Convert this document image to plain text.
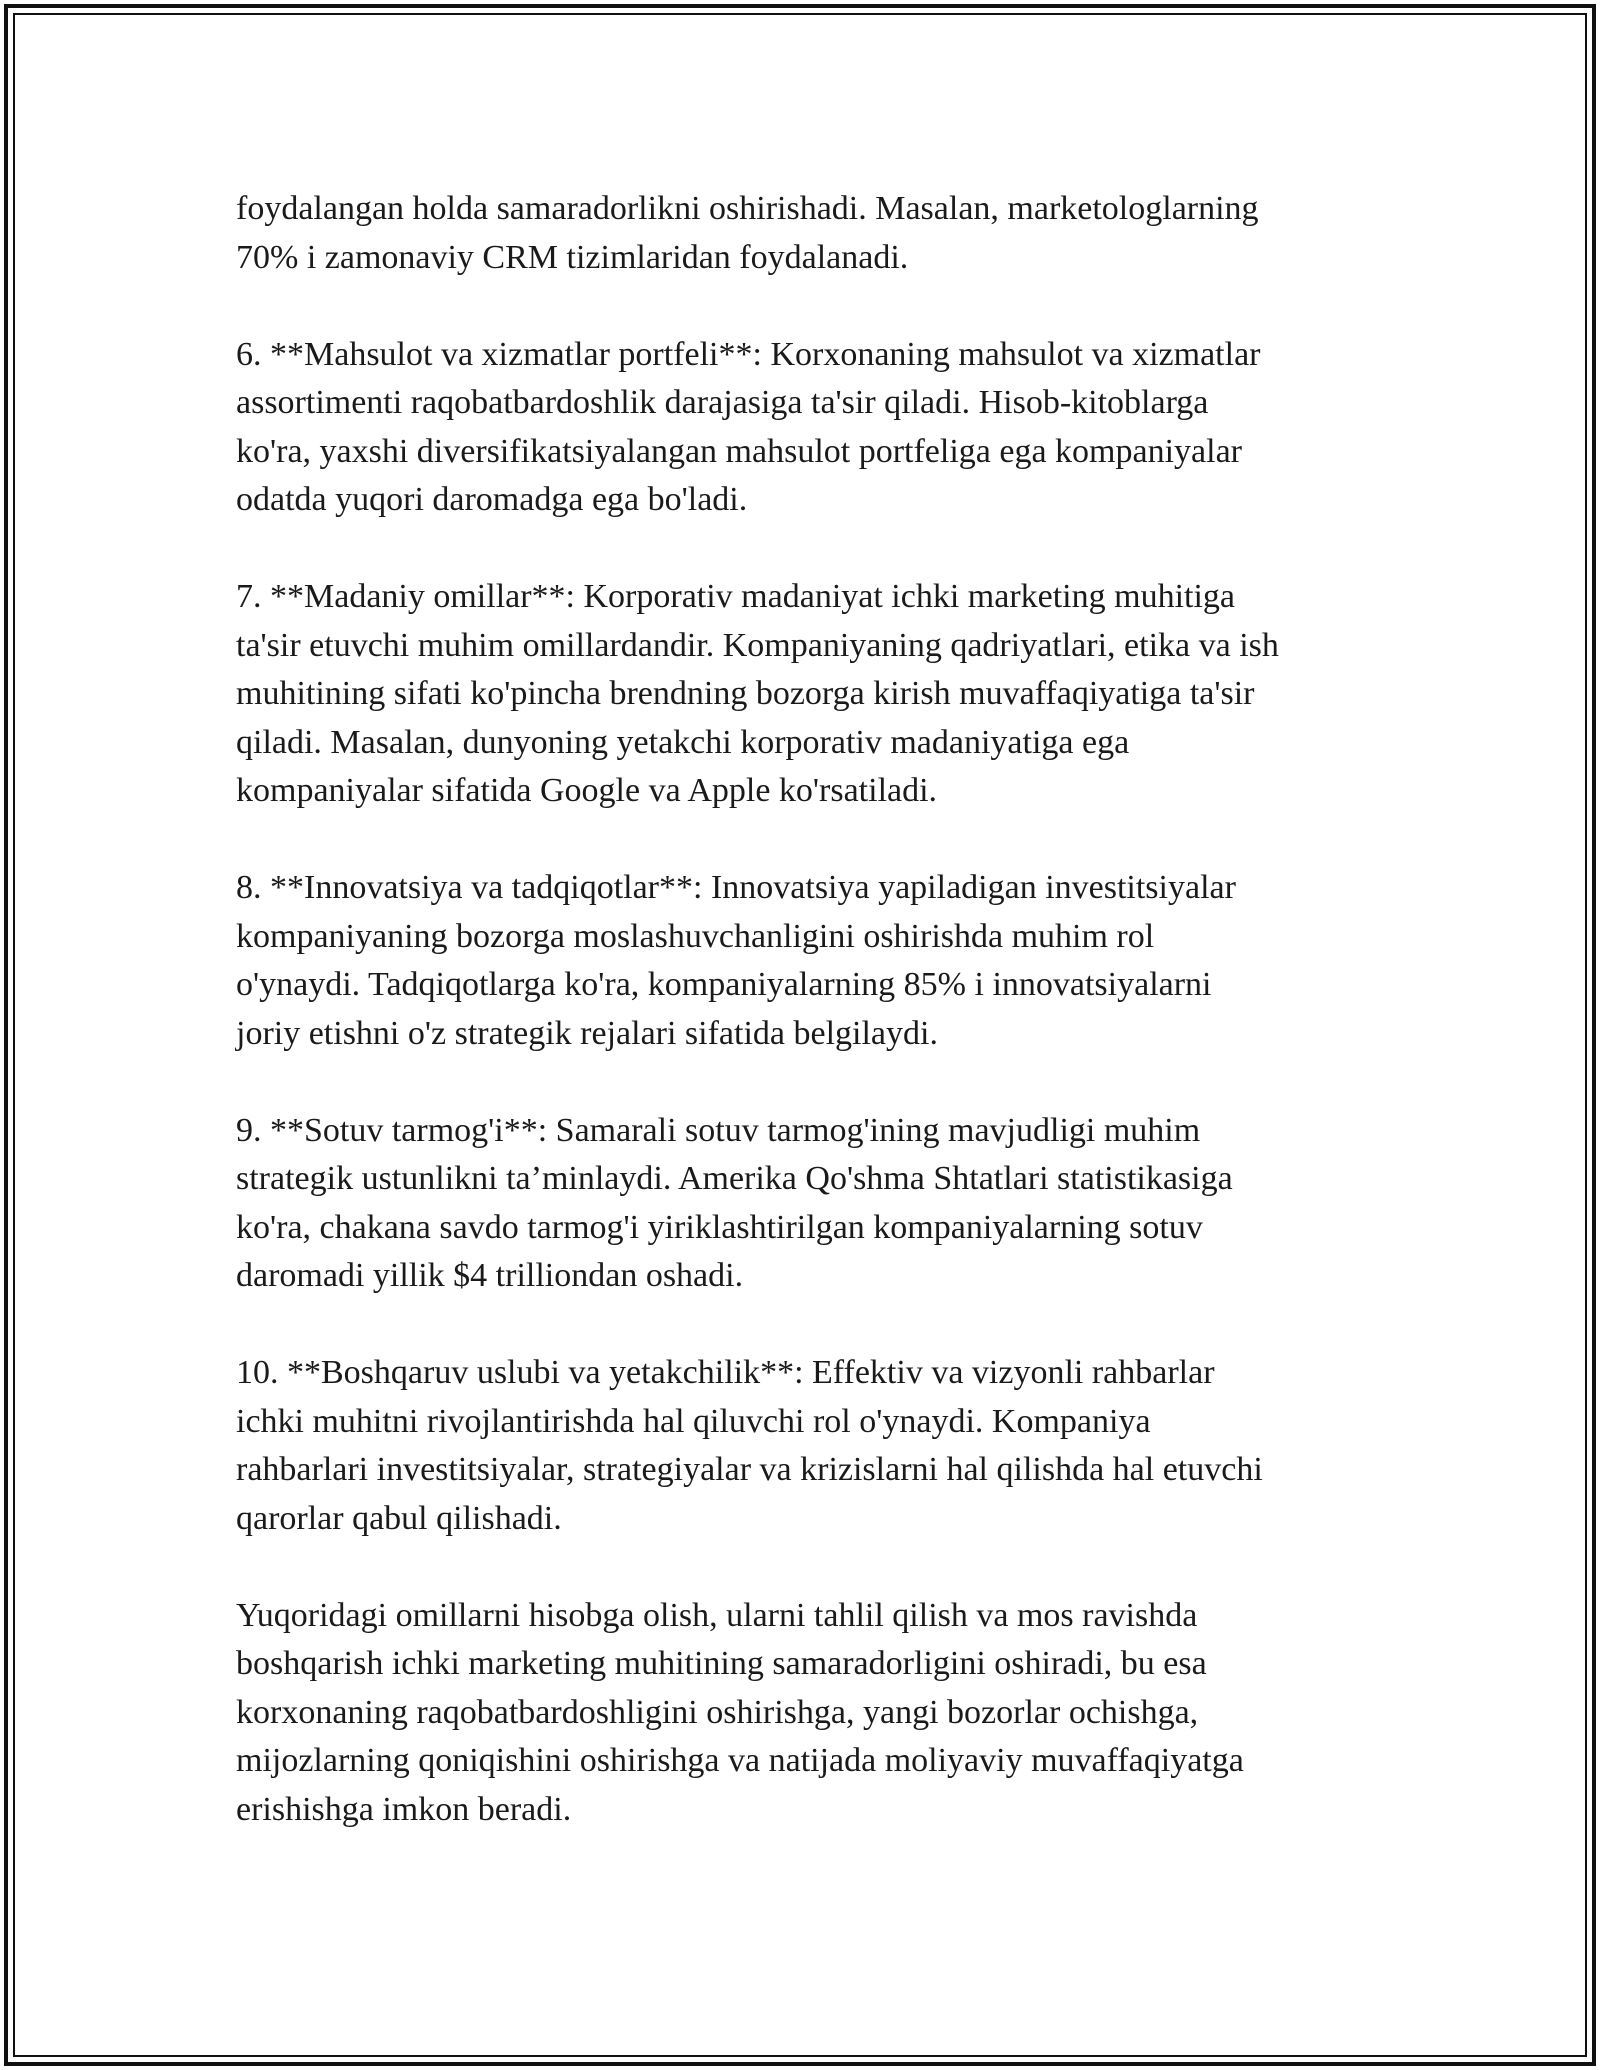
foydalangan holda samaradorlikni oshirishadi. Masalan, marketologlarning
70% i zamonaviy CRM tizimlaridan foydalanadi.

6. **Mahsulot va xizmatlar portfeli**: Korxonaning mahsulot va xizmatlar
assortimenti raqobatbardoshlik darajasiga ta'sir qiladi. Hisob-kitoblarga
ko'ra, yaxshi diversifikatsiyalangan mahsulot portfeliga ega kompaniyalar
odatda yuqori daromadga ega bo'ladi.

7. **Madaniy omillar**: Korporativ madaniyat ichki marketing muhitiga
ta'sir etuvchi muhim omillardandir. Kompaniyaning qadriyatlari, etika va ish
muhitining sifati ko'pincha brendning bozorga kirish muvaffaqiyatiga ta'sir
qiladi. Masalan, dunyoning yetakchi korporativ madaniyatiga ega
kompaniyalar sifatida Google va Apple ko'rsatiladi.

8. **Innovatsiya va tadqiqotlar**: Innovatsiya yapiladigan investitsiyalar
kompaniyaning bozorga moslashuvchanligini oshirishda muhim rol
o'ynaydi. Tadqiqotlarga ko'ra, kompaniyalarning 85% i innovatsiyalarni
joriy etishni o'z strategik rejalari sifatida belgilaydi.

9. **Sotuv tarmog'i**: Samarali sotuv tarmog'ining mavjudligi muhim
strategik ustunlikni ta’minlaydi. Amerika Qo'shma Shtatlari statistikasiga
ko'ra, chakana savdo tarmog'i yiriklashtirilgan kompaniyalarning sotuv
daromadi yillik $4 trilliondan oshadi.

10. **Boshqaruv uslubi va yetakchilik**: Effektiv va vizyonli rahbarlar
ichki muhitni rivojlantirishda hal qiluvchi rol o'ynaydi. Kompaniya
rahbarlari investitsiyalar, strategiyalar va krizislarni hal qilishda hal etuvchi
qarorlar qabul qilishadi.

Yuqoridagi omillarni hisobga olish, ularni tahlil qilish va mos ravishda
boshqarish ichki marketing muhitining samaradorligini oshiradi, bu esa
korxonaning raqobatbardoshligini oshirishga, yangi bozorlar ochishga,
mijozlarning qoniqishini oshirishga va natijada moliyaviy muvaffaqiyatga
erishishga imkon beradi.
